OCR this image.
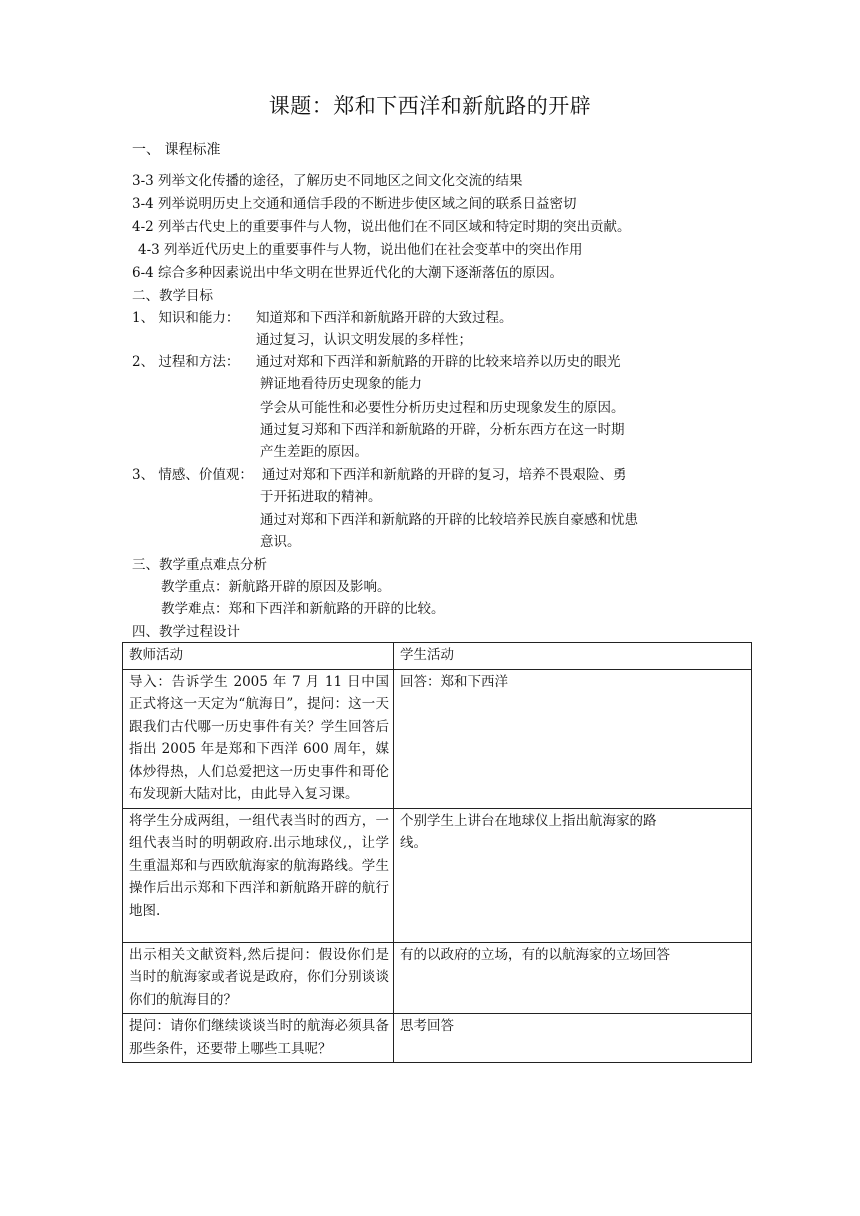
课题：郑和下西洋和新航路的开辟
一、 课程标准
3-3 列举文化传播的途径，了解历史不同地区之间文化交流的结果
3-4 列举说明历史上交通和通信手段的不断进步使区域之间的联系日益密切
4-2 列举古代史上的重要事件与人物，说出他们在不同区域和特定时期的突出贡献。
4-3 列举近代历史上的重要事件与人物，说出他们在社会变革中的突出作用
6-4 综合多种因素说出中华文明在世界近代化的大潮下逐渐落伍的原因。
二、教学目标
1、 知识和能力： 知道郑和下西洋和新航路开辟的大致过程。
通过复习，认识文明发展的多样性；
2、 过程和方法： 通过对郑和下西洋和新航路的开辟的比较来培养以历史的眼光
辨证地看待历史现象的能力
学会从可能性和必要性分析历史过程和历史现象发生的原因。
通过复习郑和下西洋和新航路的开辟，分析东西方在这一时期
产生差距的原因。
3、 情感、价值观： 通过对郑和下西洋和新航路的开辟的复习，培养不畏艰险、勇
于开拓进取的精神。
通过对郑和下西洋和新航路的开辟的比较培养民族自豪感和忧患
意识。
三、教学重点难点分析
教学重点：新航路开辟的原因及影响。
教学难点：郑和下西洋和新航路的开辟的比较。
四、教学过程设计
教师活动	学生活动
导入：告诉学生 2005 年 7 月 11 日中国正式将这一天定为“航海日”，提问：这一天跟我们古代哪一历史事件有关？学生回答后指出 2005 年是郑和下西洋 600 周年，媒体炒得热，人们总爱把这一历史事件和哥伦布发现新大陆对比，由此导入复习课。	回答：郑和下西洋
将学生分成两组，一组代表当时的西方，一组代表当时的明朝政府.出示地球仪,，让学生重温郑和与西欧航海家的航海路线。学生操作后出示郑和下西洋和新航路开辟的航行地图.	个别学生上讲台在地球仪上指出航海家的路线。
出示相关文献资料,然后提问：假设你们是当时的航海家或者说是政府，你们分别谈谈你们的航海目的？	有的以政府的立场，有的以航海家的立场回答
提问：请你们继续谈谈当时的航海必须具备那些条件，还要带上哪些工具呢？	思考回答
